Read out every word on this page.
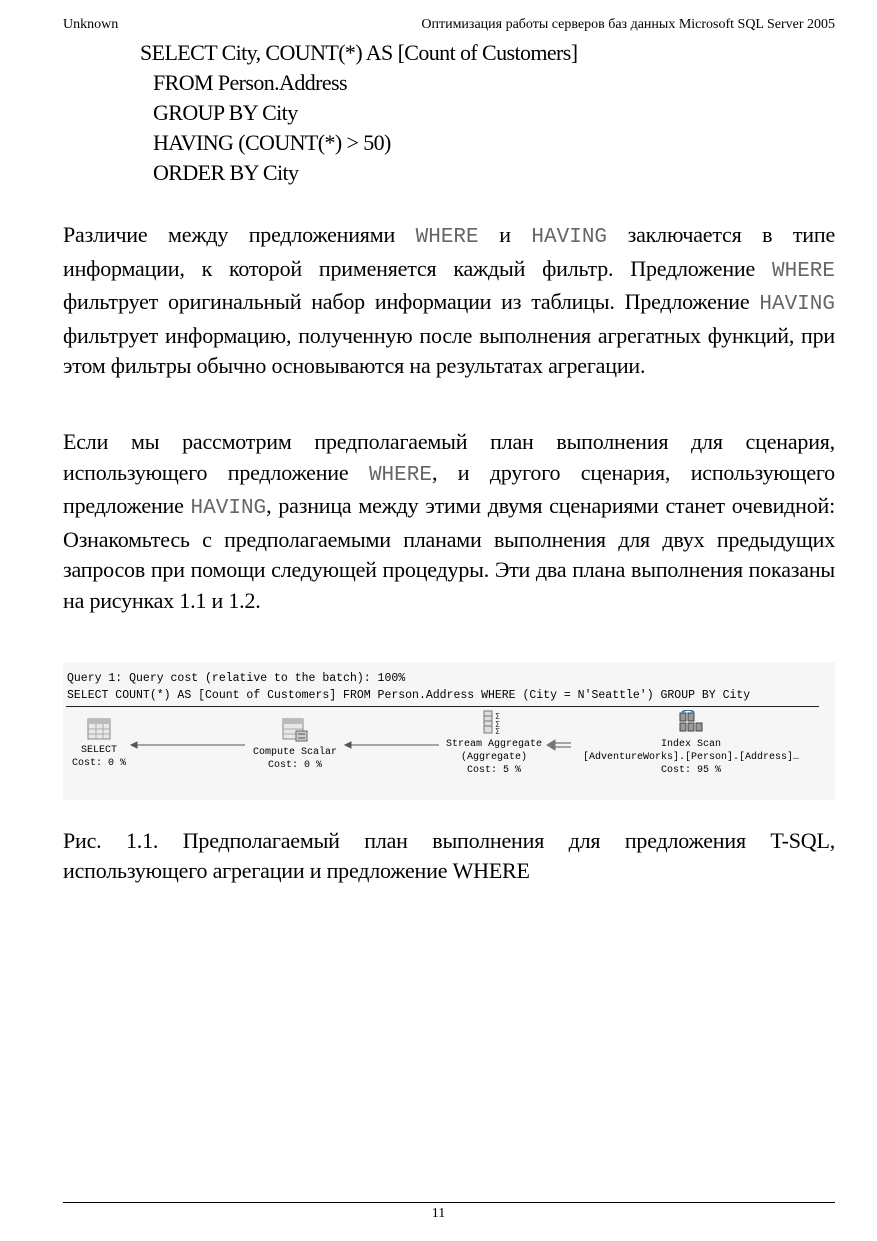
Unknown	Оптимизация работы серверов баз данных Microsoft SQL Server 2005
SELECT City, COUNT(*) AS [Count of Customers]
FROM Person.Address
GROUP BY City
HAVING (COUNT(*) > 50)
ORDER BY City
Различие между предложениями WHERE и HAVING заключается в типе информации, к которой применяется каждый фильтр. Предложение WHERE фильтрует оригинальный набор информации из таблицы. Предложение HAVING фильтрует информацию, полученную после выполнения агрегатных функций, при этом фильтры обычно основываются на результатах агрегации.
Если мы рассмотрим предполагаемый план выполнения для сценария, использующего предложение WHERE, и другого сценария, использующего предложение HAVING, разница между этими двумя сценариями станет очевидной: Ознакомьтесь с предполагаемыми планами выполнения для двух предыдущих запросов при помощи следующей процедуры. Эти два плана выполнения показаны на рисунках 1.1 и 1.2.
Query 1: Query cost (relative to the batch): 100%
SELECT COUNT(*) AS [Count of Customers] FROM Person.Address WHERE (City = N'Seattle') GROUP BY City
SELECT
Cost: 0 %
Compute Scalar
Cost: 0 %
Σ
Σ
Σ
Stream Aggregate
(Aggregate)
Cost: 5 %
Index Scan
[AdventureWorks].[Person].[Address]…
Cost: 95 %
Рис. 1.1. Предполагаемый план выполнения для предложения T-SQL, использующего агрегации и предложение WHERE
11
